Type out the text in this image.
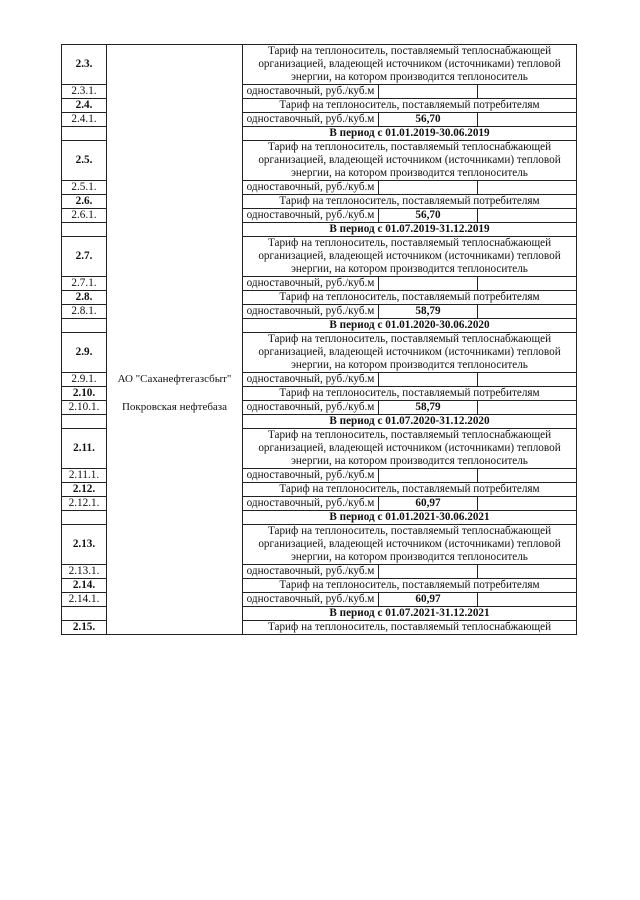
2.3.		Тариф на теплоноситель, поставляемый теплоснабжающей организацией, владеющей источником (источниками) тепловой энергии, на котором производится теплоноситель		
2.3.1.		одноставочный, руб./куб.м		
2.4.		Тариф на теплоноситель, поставляемый потребителям		
2.4.1.		одноставочный, руб./куб.м	56,70	
		В период с 01.01.2019-30.06.2019		
2.5.		Тариф на теплоноситель, поставляемый теплоснабжающей организацией, владеющей источником (источниками) тепловой энергии, на котором производится теплоноситель		
2.5.1.		одноставочный, руб./куб.м		
2.6.		Тариф на теплоноситель, поставляемый потребителям		
2.6.1.		одноставочный, руб./куб.м	56,70	
		В период с 01.07.2019-31.12.2019		
2.7.		Тариф на теплоноситель, поставляемый теплоснабжающей организацией, владеющей источником (источниками) тепловой энергии, на котором производится теплоноситель		
2.7.1.		одноставочный, руб./куб.м		
2.8.		Тариф на теплоноситель, поставляемый потребителям		
2.8.1.		одноставочный, руб./куб.м	58,79	
		В период с 01.01.2020-30.06.2020		
2.9.		Тариф на теплоноситель, поставляемый теплоснабжающей организацией, владеющей источником (источниками) тепловой энергии, на котором производится теплоноситель		
2.9.1.	АО "Саханефтегазсбыт"	одноставочный, руб./куб.м		
2.10.		Тариф на теплоноситель, поставляемый потребителям		
2.10.1.	Покровская нефтебаза	одноставочный, руб./куб.м	58,79	
		В период с 01.07.2020-31.12.2020		
2.11.		Тариф на теплоноситель, поставляемый теплоснабжающей организацией, владеющей источником (источниками) тепловой энергии, на котором производится теплоноситель		
2.11.1.		одноставочный, руб./куб.м		
2.12.		Тариф на теплоноситель, поставляемый потребителям		
2.12.1.		одноставочный, руб./куб.м	60,97	
		В период с 01.01.2021-30.06.2021		
2.13.		Тариф на теплоноситель, поставляемый теплоснабжающей организацией, владеющей источником (источниками) тепловой энергии, на котором производится теплоноситель		
2.13.1.		одноставочный, руб./куб.м		
2.14.		Тариф на теплоноситель, поставляемый потребителям		
2.14.1.		одноставочный, руб./куб.м	60,97	
		В период с 01.07.2021-31.12.2021		
2.15.		Тариф на теплоноситель, поставляемый теплоснабжающей		
